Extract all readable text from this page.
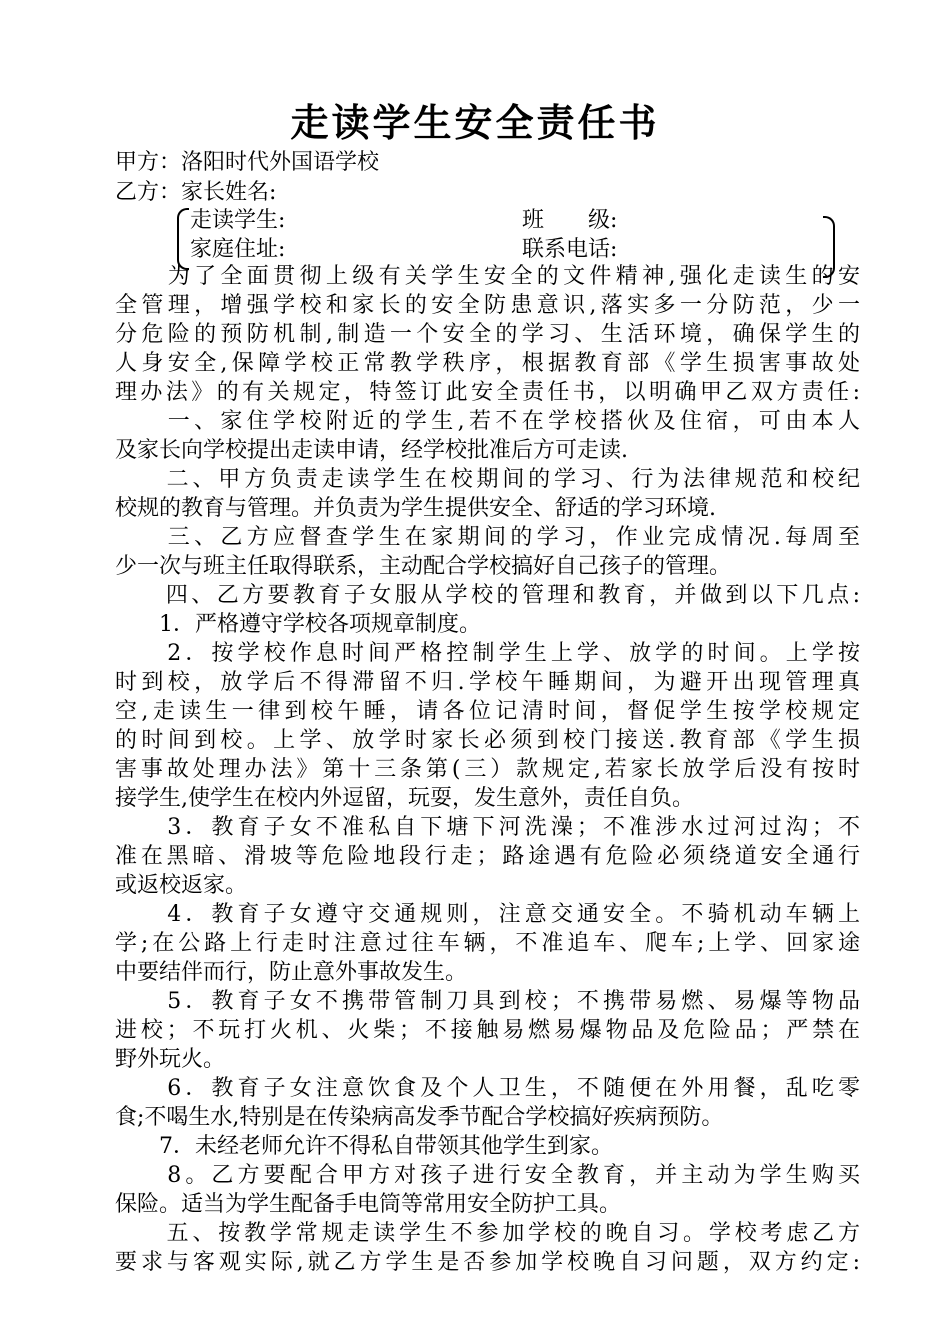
走读学生安全责任书
甲方：洛阳时代外国语学校
乙方：家长姓名:
走读学生:	班　　级:
家庭住址:	联系电话:
　　为了全面贯彻上级有关学生安全的文件精神,强化走读生的安
全管理，增强学校和家长的安全防患意识,落实多一分防范，少一
分危险的预防机制,制造一个安全的学习、生活环境，确保学生的
人身安全,保障学校正常教学秩序，根据教育部《学生损害事故处
理办法》的有关规定，特签订此安全责任书，以明确甲乙双方责任:
　　一、家住学校附近的学生,若不在学校搭伙及住宿，可由本人
及家长向学校提出走读申请，经学校批准后方可走读.
　　二、甲方负责走读学生在校期间的学习、行为法律规范和校纪
校规的教育与管理。并负责为学生提供安全、舒适的学习环境.
　　三、乙方应督查学生在家期间的学习，作业完成情况.每周至
少一次与班主任取得联系，主动配合学校搞好自己孩子的管理。
　　四、乙方要教育子女服从学校的管理和教育，并做到以下几点:
　　1．严格遵守学校各项规章制度。
　　2．按学校作息时间严格控制学生上学、放学的时间。上学按
时到校，放学后不得滞留不归.学校午睡期间，为避开出现管理真
空,走读生一律到校午睡，请各位记清时间，督促学生按学校规定
的时间到校。上学、放学时家长必须到校门接送.教育部《学生损
害事故处理办法》第十三条第(三）款规定,若家长放学后没有按时
接学生,使学生在校内外逗留，玩耍，发生意外，责任自负。
　　3．教育子女不准私自下塘下河洗澡；不准涉水过河过沟；不
准在黑暗、滑坡等危险地段行走；路途遇有危险必须绕道安全通行
或返校返家。
　　4．教育子女遵守交通规则，注意交通安全。不骑机动车辆上
学;在公路上行走时注意过往车辆，不准追车、爬车;上学、回家途
中要结伴而行，防止意外事故发生。
　　5．教育子女不携带管制刀具到校；不携带易燃、易爆等物品
进校；不玩打火机、火柴；不接触易燃易爆物品及危险品；严禁在
野外玩火。
　　6．教育子女注意饮食及个人卫生，不随便在外用餐，乱吃零
食;不喝生水,特别是在传染病高发季节配合学校搞好疾病预防。
　　7．未经老师允许不得私自带领其他学生到家。
　　8。乙方要配合甲方对孩子进行安全教育，并主动为学生购买
保险。适当为学生配备手电筒等常用安全防护工具。
　　五、按教学常规走读学生不参加学校的晚自习。学校考虑乙方
要求与客观实际,就乙方学生是否参加学校晚自习问题，双方约定:
